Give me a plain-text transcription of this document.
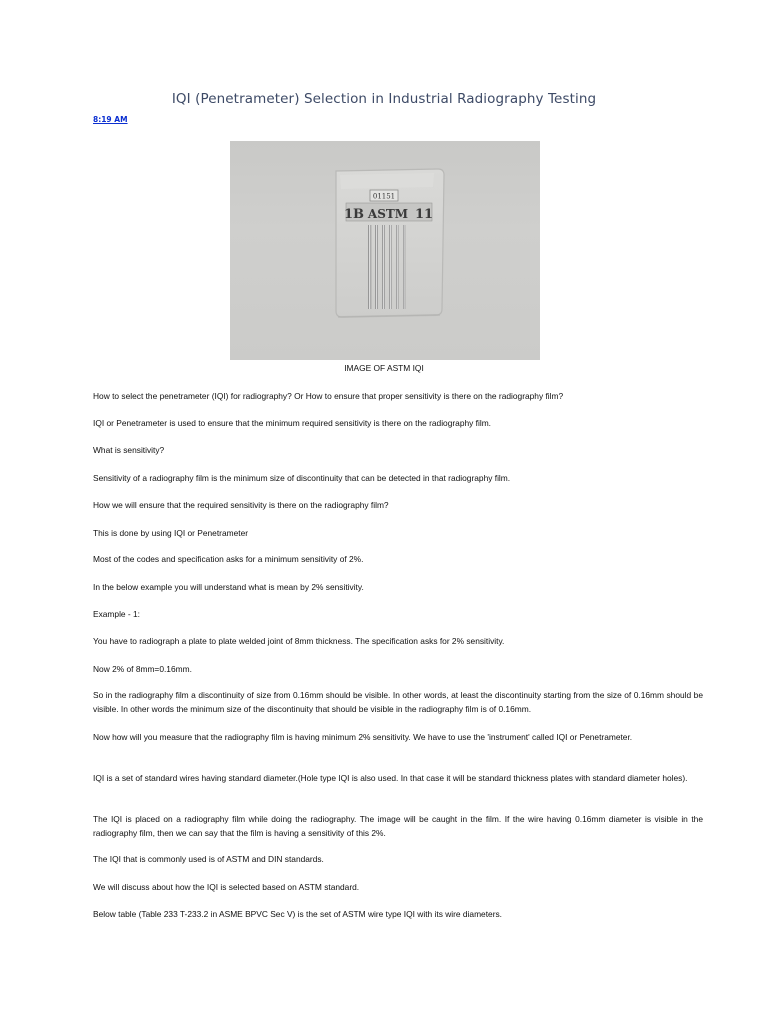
IQI (Penetrameter) Selection in Industrial Radiography Testing
8:19 AM
01151
1B ASTM 11
IMAGE OF ASTM IQI

How to select the penetrameter (IQI) for radiography? Or How to ensure that proper sensitivity is there on the radiography film?

IQI or Penetrameter is used to ensure that the minimum required sensitivity is there on the radiography film.

What is sensitivity?

Sensitivity of a radiography film is the minimum size of discontinuity that can be detected in that radiography film.

How we will ensure that the required sensitivity is there on the radiography film?

This is done by using IQI or Penetrameter

Most of the codes and specification asks for a minimum sensitivity of 2%.

In the below example you will understand what is mean by 2% sensitivity.

Example - 1:

You have to radiograph a plate to plate welded joint of 8mm thickness. The specification asks for 2% sensitivity.

Now 2% of 8mm=0.16mm.

So in the radiography film a discontinuity of size from 0.16mm should be visible. In other words, at least the discontinuity starting from the size of 0.16mm should be visible. In other words the minimum size of the discontinuity that should be visible in the radiography film is of 0.16mm.

Now how will you measure that the radiography film is having minimum 2% sensitivity. We have to use the 'instrument' called IQI or Penetrameter.

IQI is a set of standard wires having standard diameter.(Hole type IQI is also used. In that case it will be standard thickness plates with standard diameter holes).

The IQI is placed on a radiography film while doing the radiography. The image will be caught in the film. If the wire having 0.16mm diameter is visible in the radiography film, then we can say that the film is having a sensitivity of this 2%.

The IQI that is commonly used is of ASTM and DIN standards.

We will discuss about how the IQI is selected based on ASTM standard.

Below table (Table 233 T-233.2 in ASME BPVC Sec V) is the set of ASTM wire type IQI with its wire diameters.
